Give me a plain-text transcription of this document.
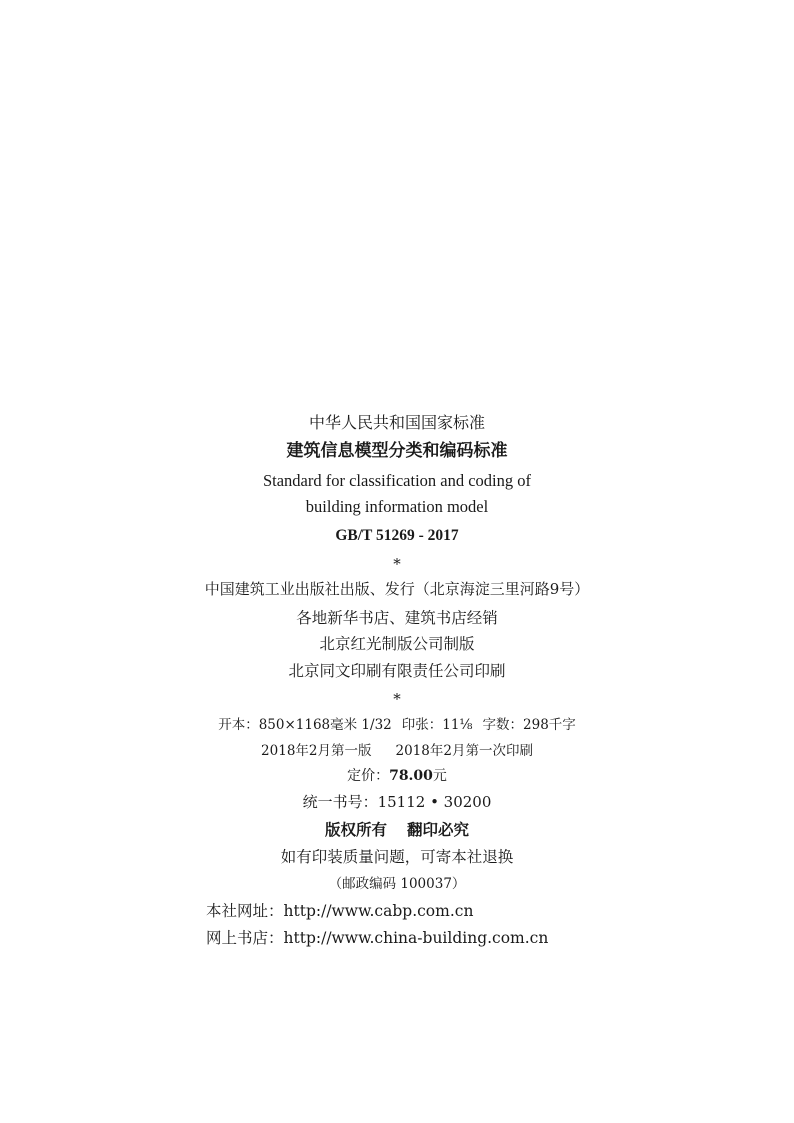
中华人民共和国国家标准
建筑信息模型分类和编码标准
Standard for classification and coding of
building information model
GB/T 51269 - 2017
*
中国建筑工业出版社出版、发行（北京海淀三里河路9号）
各地新华书店、建筑书店经销
北京红光制版公司制版
北京同文印刷有限责任公司印刷
*
开本：850×1168毫米 1/32 印张：11⅛ 字数：298千字
2018年2月第一版 2018年2月第一次印刷
定价：78.00元
统一书号：15112 • 30200
版权所有 翻印必究
如有印装质量问题，可寄本社退换
（邮政编码 100037）
本社网址：http://www.cabp.com.cn
网上书店：http://www.china-building.com.cn
